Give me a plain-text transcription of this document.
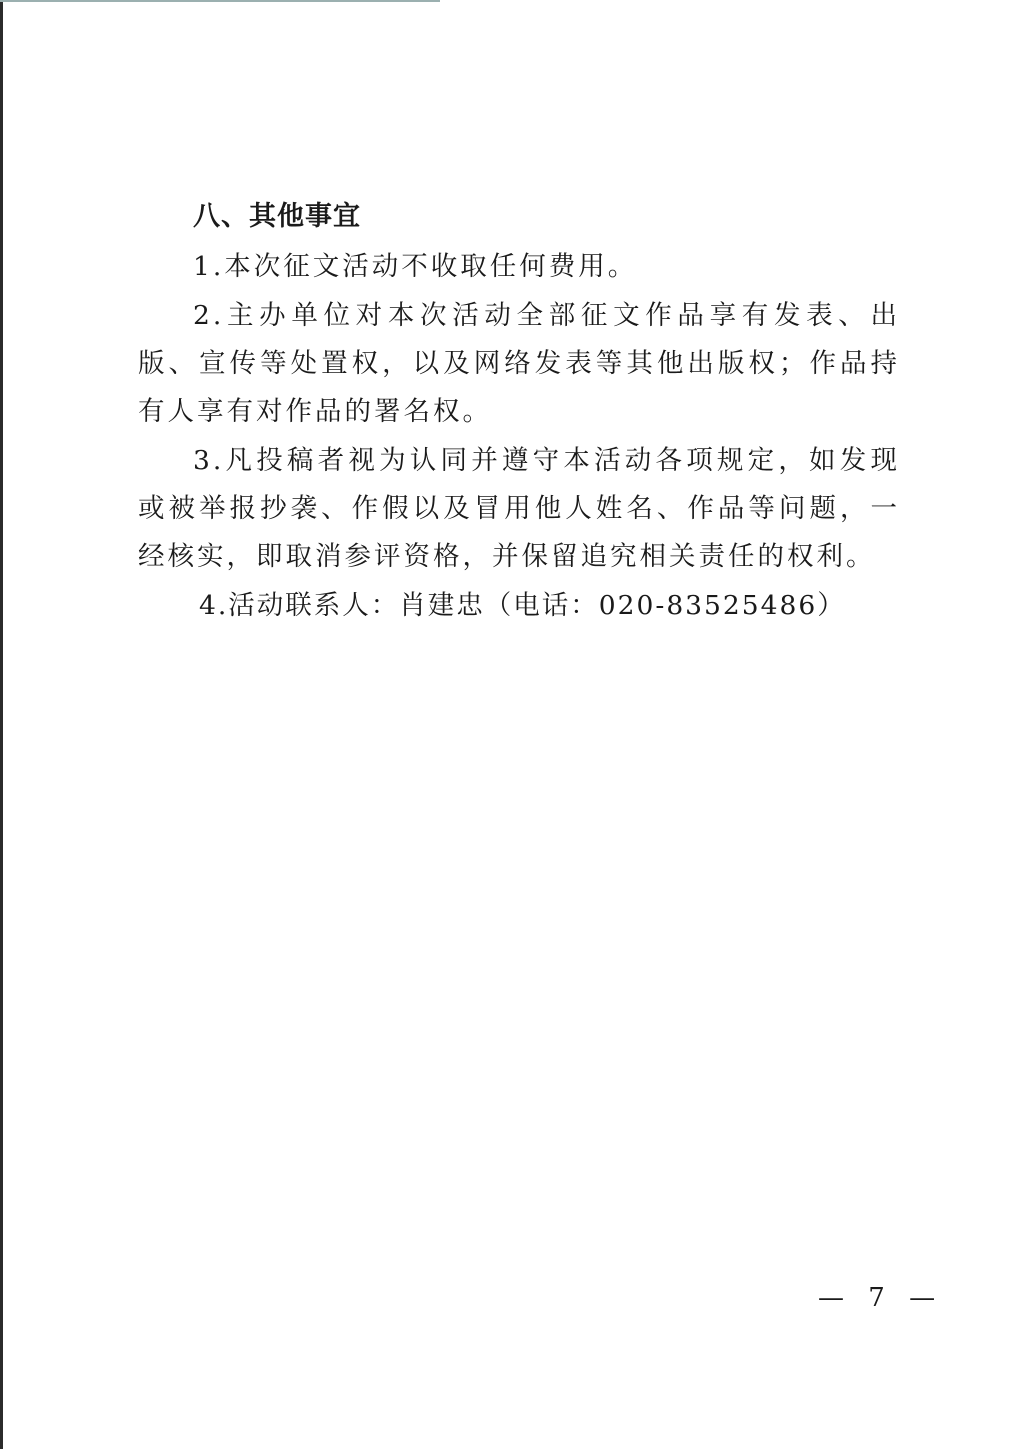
八、其他事宜

1.本次征文活动不收取任何费用。

2.主办单位对本次活动全部征文作品享有发表、出版、宣传等处置权，以及网络发表等其他出版权；作品持有人享有对作品的署名权。

3.凡投稿者视为认同并遵守本活动各项规定，如发现或被举报抄袭、作假以及冒用他人姓名、作品等问题，一经核实，即取消参评资格，并保留追究相关责任的权利。

4.活动联系人：肖建忠（电话：020-83525486）

— 7 —
